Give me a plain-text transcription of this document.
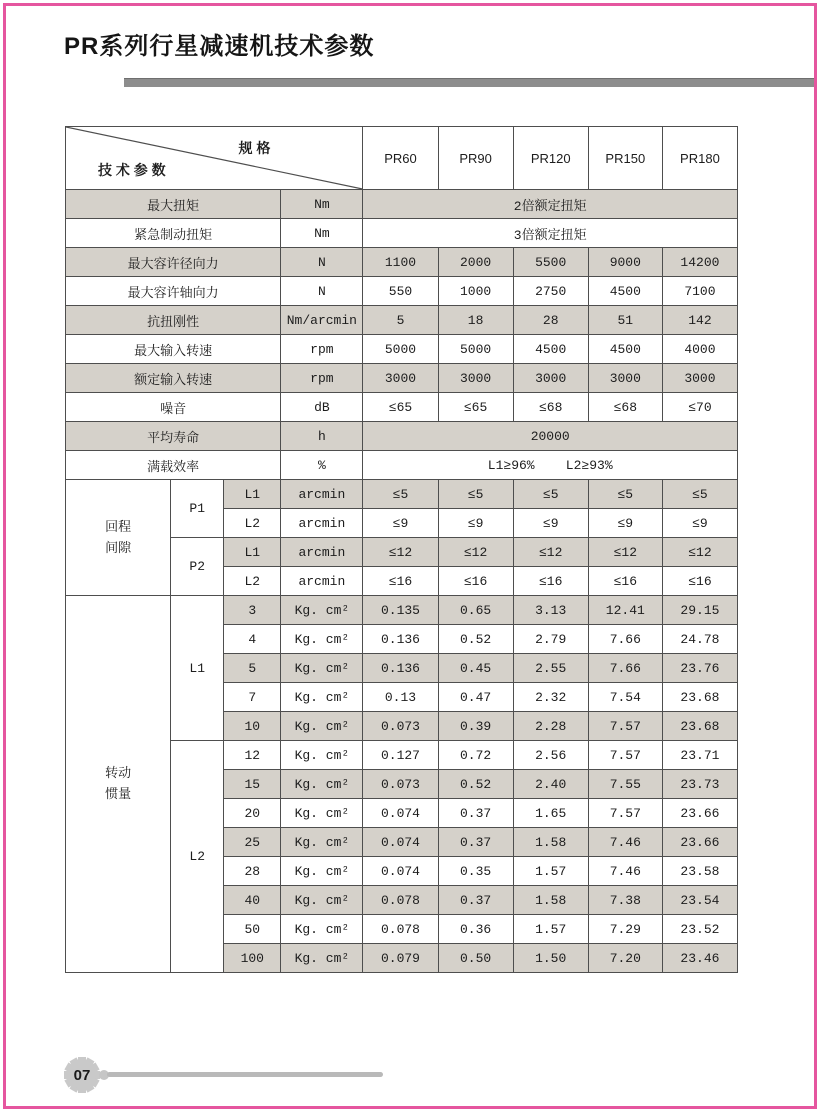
PR系列行星减速机技术参数
规 格
技 术 参 数				PR60	PR90	PR120	PR150	PR180
最大扭矩			Nm	2倍额定扭矩				
紧急制动扭矩			Nm	3倍额定扭矩				
最大容许径向力			N	1100	2000	5500	9000	14200
最大容许轴向力			N	550	1000	2750	4500	7100
抗扭刚性			Nm/arcmin	5	18	28	51	142
最大输入转速			rpm	5000	5000	4500	4500	4000
额定输入转速			rpm	3000	3000	3000	3000	3000
噪音			dB	≤65	≤65	≤68	≤68	≤70
平均寿命			h	20000				
满载效率			%	L1≥96%    L2≥93%				
回程
间隙	P1	L1	arcmin	≤5	≤5	≤5	≤5	≤5
		L2	arcmin	≤9	≤9	≤9	≤9	≤9
	P2	L1	arcmin	≤12	≤12	≤12	≤12	≤12
		L2	arcmin	≤16	≤16	≤16	≤16	≤16
转动
惯量	L1	3	Kg. cm²	0.135	0.65	3.13	12.41	29.15
		4	Kg. cm²	0.136	0.52	2.79	7.66	24.78
		5	Kg. cm²	0.136	0.45	2.55	7.66	23.76
		7	Kg. cm²	0.13	0.47	2.32	7.54	23.68
		10	Kg. cm²	0.073	0.39	2.28	7.57	23.68
	L2	12	Kg. cm²	0.127	0.72	2.56	7.57	23.71
		15	Kg. cm²	0.073	0.52	2.40	7.55	23.73
		20	Kg. cm²	0.074	0.37	1.65	7.57	23.66
		25	Kg. cm²	0.074	0.37	1.58	7.46	23.66
		28	Kg. cm²	0.074	0.35	1.57	7.46	23.58
		40	Kg. cm²	0.078	0.37	1.58	7.38	23.54
		50	Kg. cm²	0.078	0.36	1.57	7.29	23.52
		100	Kg. cm²	0.079	0.50	1.50	7.20	23.46
07
